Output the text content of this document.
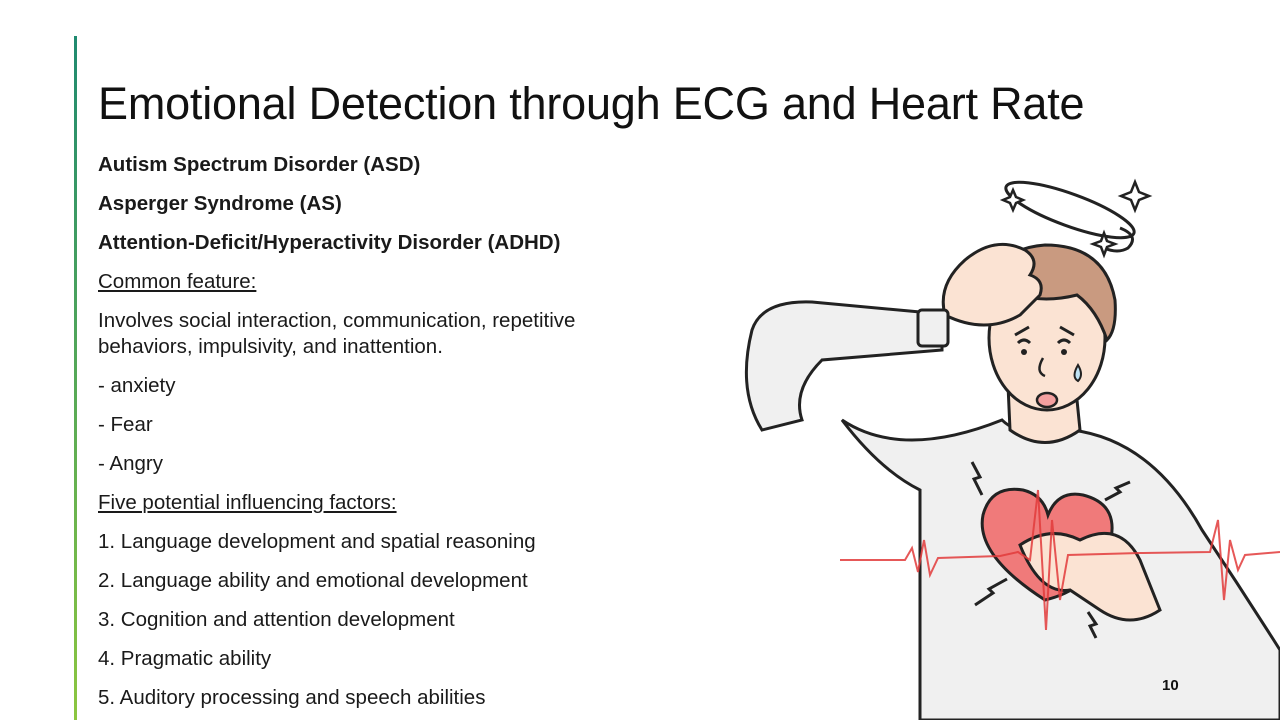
Emotional Detection through ECG and Heart Rate

Autism Spectrum Disorder (ASD)

Asperger Syndrome (AS)

Attention-Deficit/Hyperactivity Disorder (ADHD)

Common feature:

Involves social interaction, communication, repetitive behaviors, impulsivity, and inattention.

- anxiety

- Fear

- Angry

Five potential influencing factors:

1. Language development and spatial reasoning

2. Language ability and emotional development

3. Cognition and attention development

4. Pragmatic ability

5. Auditory processing and speech abilities

10
